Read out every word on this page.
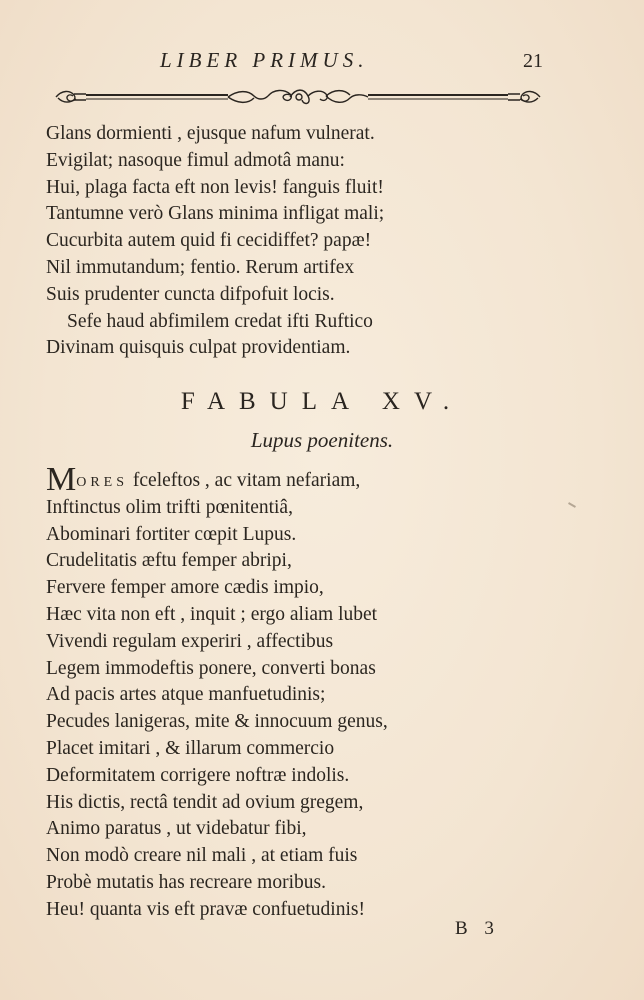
LIBER PRIMUS.	21
Glans dormienti , ejusque nafum vulnerat.
Evigilat; nasoque fimul admotâ manu:
Hui, plaga facta eft non levis! fanguis fluit!
Tantumne verò Glans minima infligat mali;
Cucurbita autem quid fi cecidiffet? papæ!
Nil immutandum; fentio. Rerum artifex
Suis prudenter cuncta difpofuit locis.
Sefe haud abfimilem credat ifti Ruftico
Divinam quisquis culpat providentiam.
FABULA XV.
Lupus poenitens.
MORES fceleftos , ac vitam nefariam,
Inftinctus olim trifti pœnitentiâ,
Abominari fortiter cœpit Lupus.
Crudelitatis æftu femper abripi,
Fervere femper amore cædis impio,
Hæc vita non eft , inquit ; ergo aliam lubet
Vivendi regulam experiri , affectibus
Legem immodeftis ponere, converti bonas
Ad pacis artes atque manfuetudinis;
Pecudes lanigeras, mite & innocuum genus,
Placet imitari , & illarum commercio
Deformitatem corrigere noftræ indolis.
His dictis, rectâ tendit ad ovium gregem,
Animo paratus , ut videbatur fibi,
Non modò creare nil mali , at etiam fuis
Probè mutatis has recreare moribus.
Heu! quanta vis eft pravæ confuetudinis!
B 3
